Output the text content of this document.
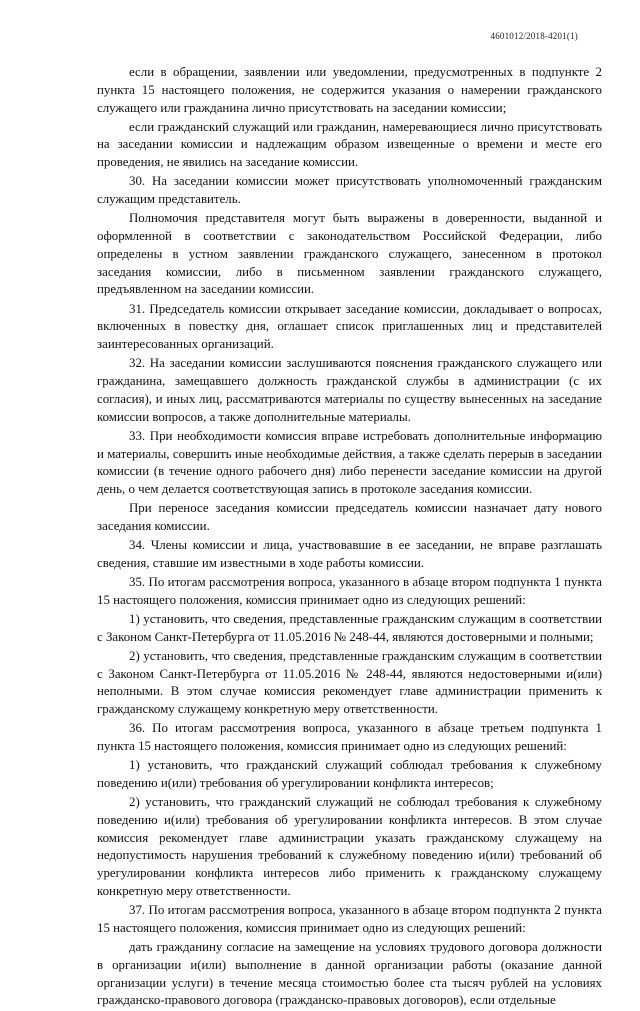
4601012/2018-4201(1)

если в обращении, заявлении или уведомлении, предусмотренных в подпункте 2 пункта 15 настоящего положения, не содержится указания о намерении гражданского служащего или гражданина лично присутствовать на заседании комиссии;

если гражданский служащий или гражданин, намеревающиеся лично присутствовать на заседании комиссии и надлежащим образом извещенные о времени и месте его проведения, не явились на заседание комиссии.

30. На заседании комиссии может присутствовать уполномоченный гражданским служащим представитель.

Полномочия представителя могут быть выражены в доверенности, выданной и оформленной в соответствии с законодательством Российской Федерации, либо определены в устном заявлении гражданского служащего, занесенном в протокол заседания комиссии, либо в письменном заявлении гражданского служащего, предъявленном на заседании комиссии.

31. Председатель комиссии открывает заседание комиссии, докладывает о вопросах, включенных в повестку дня, оглашает список приглашенных лиц и представителей заинтересованных организаций.

32. На заседании комиссии заслушиваются пояснения гражданского служащего или гражданина, замещавшего должность гражданской службы в администрации (с их согласия), и иных лиц, рассматриваются материалы по существу вынесенных на заседание комиссии вопросов, а также дополнительные материалы.

33. При необходимости комиссия вправе истребовать дополнительные информацию и материалы, совершить иные необходимые действия, а также сделать перерыв в заседании комиссии (в течение одного рабочего дня) либо перенести заседание комиссии на другой день, о чем делается соответствующая запись в протоколе заседания комиссии.

При переносе заседания комиссии председатель комиссии назначает дату нового заседания комиссии.

34. Члены комиссии и лица, участвовавшие в ее заседании, не вправе разглашать сведения, ставшие им известными в ходе работы комиссии.

35. По итогам рассмотрения вопроса, указанного в абзаце втором подпункта 1 пункта 15 настоящего положения, комиссия принимает одно из следующих решений:

1) установить, что сведения, представленные гражданским служащим в соответствии с Законом Санкт-Петербурга от 11.05.2016 № 248-44, являются достоверными и полными;

2) установить, что сведения, представленные гражданским служащим в соответствии с Законом Санкт-Петербурга от 11.05.2016 № 248-44, являются недостоверными и(или) неполными. В этом случае комиссия рекомендует главе администрации применить к гражданскому служащему конкретную меру ответственности.

36. По итогам рассмотрения вопроса, указанного в абзаце третьем подпункта 1 пункта 15 настоящего положения, комиссия принимает одно из следующих решений:

1) установить, что гражданский служащий соблюдал требования к служебному поведению и(или) требования об урегулировании конфликта интересов;

2) установить, что гражданский служащий не соблюдал требования к служебному поведению и(или) требования об урегулировании конфликта интересов. В этом случае комиссия рекомендует главе администрации указать гражданскому служащему на недопустимость нарушения требований к служебному поведению и(или) требований об урегулировании конфликта интересов либо применить к гражданскому служащему конкретную меру ответственности.

37. По итогам рассмотрения вопроса, указанного в абзаце втором подпункта 2 пункта 15 настоящего положения, комиссия принимает одно из следующих решений:

дать гражданину согласие на замещение на условиях трудового договора должности в организации и(или) выполнение в данной организации работы (оказание данной организации услуги) в течение месяца стоимостью более ста тысяч рублей на условиях гражданско-правового договора (гражданско-правовых договоров), если отдельные
